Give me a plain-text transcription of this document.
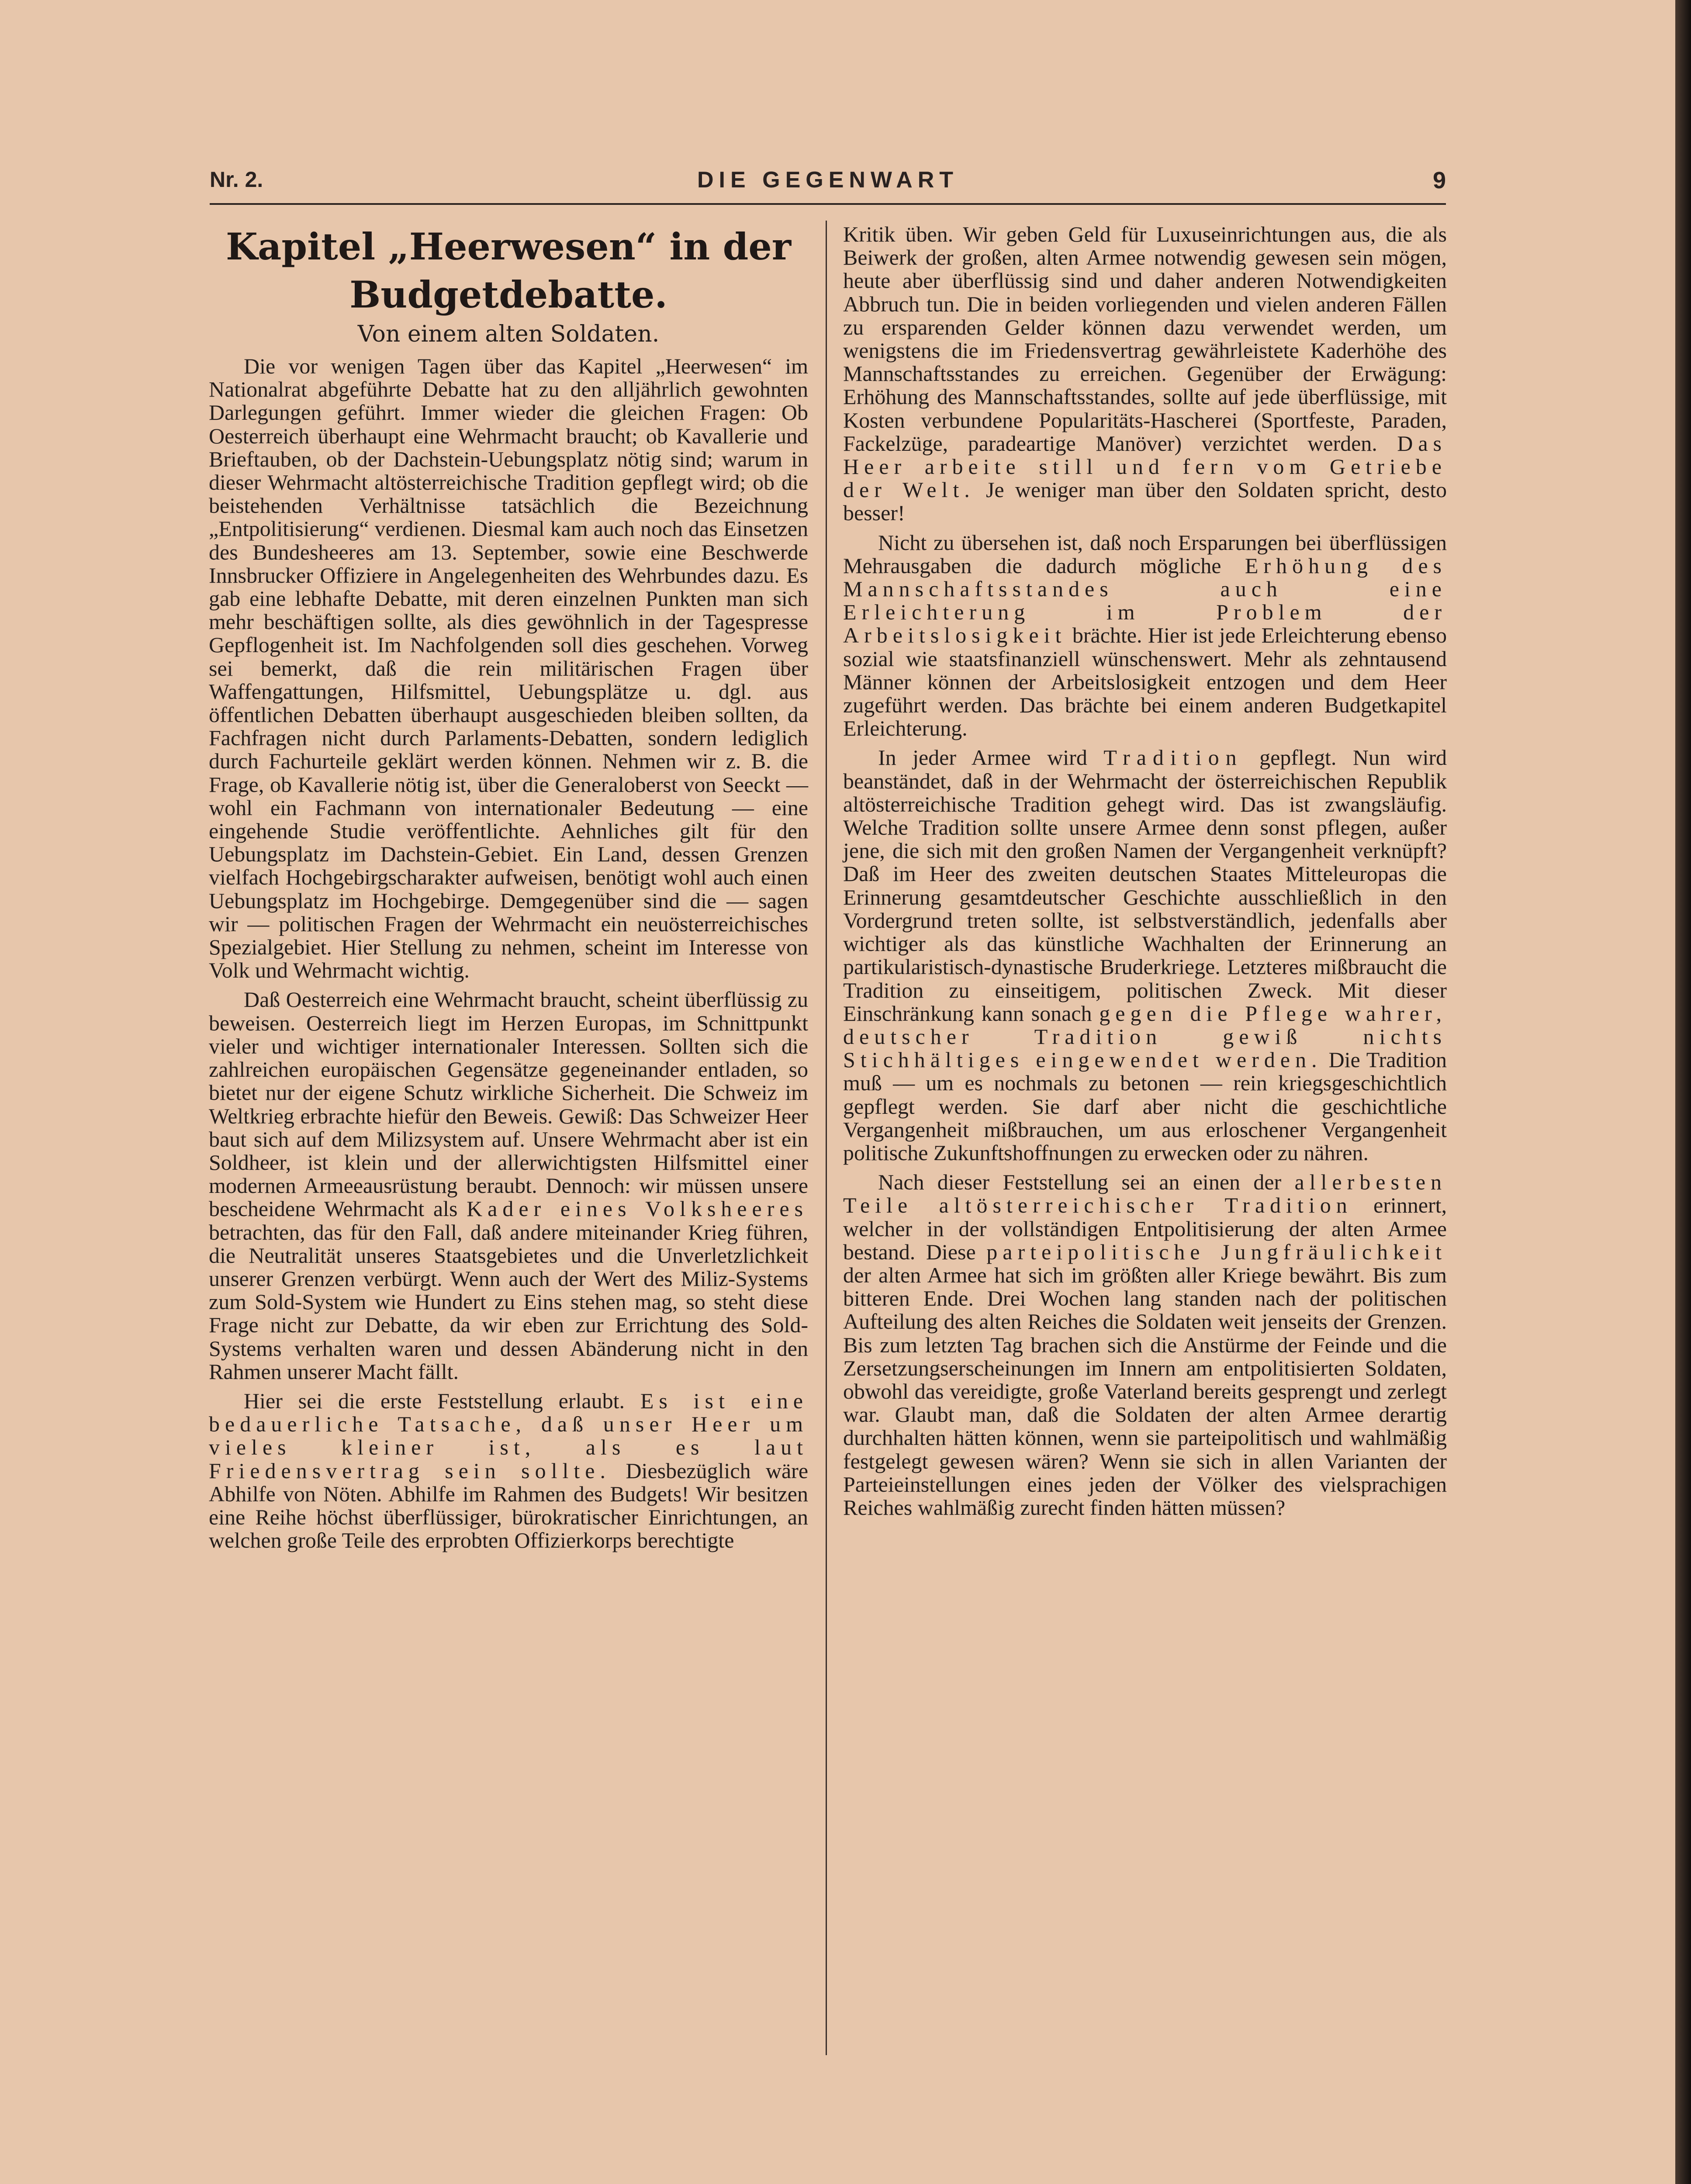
Nr. 2.	DIE GEGENWART	9
Kapitel „Heerwesen“ in der
Budgetdebatte.

Von einem alten Soldaten.

Die vor wenigen Tagen über das Kapitel „Heerwesen“ im Nationalrat abgeführte Debatte hat zu den alljährlich gewohnten Darlegungen geführt. Immer wieder die gleichen Fragen: Ob Oesterreich überhaupt eine Wehrmacht braucht; ob Kavallerie und Brieftauben, ob der Dachstein-Uebungsplatz nötig sind; warum in dieser Wehrmacht altösterreichische Tradition gepflegt wird; ob die beistehenden Verhältnisse tatsächlich die Bezeichnung „Entpolitisierung“ verdienen. Diesmal kam auch noch das Einsetzen des Bundesheeres am 13. September, sowie eine Beschwerde Innsbrucker Offiziere in Angelegenheiten des Wehrbundes dazu. Es gab eine lebhafte Debatte, mit deren einzelnen Punkten man sich mehr beschäftigen sollte, als dies gewöhnlich in der Tagespresse Gepflogenheit ist. Im Nachfolgenden soll dies geschehen. Vorweg sei bemerkt, daß die rein militärischen Fragen über Waffengattungen, Hilfsmittel, Uebungsplätze u. dgl. aus öffentlichen Debatten überhaupt ausgeschieden bleiben sollten, da Fachfragen nicht durch Parlaments-Debatten, sondern lediglich durch Fachurteile geklärt werden können. Nehmen wir z. B. die Frage, ob Kavallerie nötig ist, über die Generaloberst von Seeckt — wohl ein Fachmann von internationaler Bedeutung — eine eingehende Studie veröffentlichte. Aehnliches gilt für den Uebungsplatz im Dachstein-Gebiet. Ein Land, dessen Grenzen vielfach Hochgebirgscharakter aufweisen, benötigt wohl auch einen Uebungsplatz im Hochgebirge. Demgegenüber sind die — sagen wir — politischen Fragen der Wehrmacht ein neuösterreichisches Spezialgebiet. Hier Stellung zu nehmen, scheint im Interesse von Volk und Wehrmacht wichtig.

Daß Oesterreich eine Wehrmacht braucht, scheint überflüssig zu beweisen. Oesterreich liegt im Herzen Europas, im Schnittpunkt vieler und wichtiger internationaler Interessen. Sollten sich die zahlreichen europäischen Gegensätze gegeneinander entladen, so bietet nur der eigene Schutz wirkliche Sicherheit. Die Schweiz im Weltkrieg erbrachte hiefür den Beweis. Gewiß: Das Schweizer Heer baut sich auf dem Milizsystem auf. Unsere Wehrmacht aber ist ein Soldheer, ist klein und der allerwichtigsten Hilfsmittel einer modernen Armeeausrüstung beraubt. Dennoch: wir müssen unsere bescheidene Wehrmacht als Kader eines Volksheeres betrachten, das für den Fall, daß andere miteinander Krieg führen, die Neutralität unseres Staatsgebietes und die Unverletzlichkeit unserer Grenzen verbürgt. Wenn auch der Wert des Miliz-Systems zum Sold-System wie Hundert zu Eins stehen mag, so steht diese Frage nicht zur Debatte, da wir eben zur Errichtung des Sold-Systems verhalten waren und dessen Abänderung nicht in den Rahmen unserer Macht fällt.

Hier sei die erste Feststellung erlaubt. Es ist eine bedauerliche Tatsache, daß unser Heer um vieles kleiner ist, als es laut Friedensvertrag sein sollte. Diesbezüglich wäre Abhilfe von Nöten. Abhilfe im Rahmen des Budgets! Wir besitzen eine Reihe höchst überflüssiger, bürokratischer Einrichtungen, an welchen große Teile des erprobten Offizierkorps berechtigte

Kritik üben. Wir geben Geld für Luxuseinrichtungen aus, die als Beiwerk der großen, alten Armee notwendig gewesen sein mögen, heute aber überflüssig sind und daher anderen Notwendigkeiten Abbruch tun. Die in beiden vorliegenden und vielen anderen Fällen zu ersparenden Gelder können dazu verwendet werden, um wenigstens die im Friedensvertrag gewährleistete Kaderhöhe des Mannschaftsstandes zu erreichen. Gegenüber der Erwägung: Erhöhung des Mannschaftsstandes, sollte auf jede überflüssige, mit Kosten verbundene Popularitäts-Hascherei (Sportfeste, Paraden, Fackelzüge, paradeartige Manöver) verzichtet werden. Das Heer arbeite still und fern vom Getriebe der Welt. Je weniger man über den Soldaten spricht, desto besser!

Nicht zu übersehen ist, daß noch Ersparungen bei überflüssigen Mehrausgaben die dadurch mögliche Erhöhung des Mannschaftsstandes auch eine Erleichterung im Problem der Arbeitslosigkeit brächte. Hier ist jede Erleichterung ebenso sozial wie staatsfinanziell wünschenswert. Mehr als zehntausend Männer können der Arbeitslosigkeit entzogen und dem Heer zugeführt werden. Das brächte bei einem anderen Budgetkapitel Erleichterung.

In jeder Armee wird Tradition gepflegt. Nun wird beanständet, daß in der Wehrmacht der österreichischen Republik altösterreichische Tradition gehegt wird. Das ist zwangsläufig. Welche Tradition sollte unsere Armee denn sonst pflegen, außer jene, die sich mit den großen Namen der Vergangenheit verknüpft? Daß im Heer des zweiten deutschen Staates Mitteleuropas die Erinnerung gesamtdeutscher Geschichte ausschließlich in den Vordergrund treten sollte, ist selbstverständlich, jedenfalls aber wichtiger als das künstliche Wachhalten der Erinnerung an partikularistisch-dynastische Bruderkriege. Letzteres mißbraucht die Tradition zu einseitigem, politischen Zweck. Mit dieser Einschränkung kann sonach gegen die Pflege wahrer, deutscher Tradition gewiß nichts Stichhältiges eingewendet werden. Die Tradition muß — um es nochmals zu betonen — rein kriegsgeschichtlich gepflegt werden. Sie darf aber nicht die geschichtliche Vergangenheit mißbrauchen, um aus erloschener Vergangenheit politische Zukunftshoffnungen zu erwecken oder zu nähren.

Nach dieser Feststellung sei an einen der allerbesten Teile altösterreichischer Tradition erinnert, welcher in der vollständigen Entpolitisierung der alten Armee bestand. Diese parteipolitische Jungfräulichkeit der alten Armee hat sich im größten aller Kriege bewährt. Bis zum bitteren Ende. Drei Wochen lang standen nach der politischen Aufteilung des alten Reiches die Soldaten weit jenseits der Grenzen. Bis zum letzten Tag brachen sich die Anstürme der Feinde und die Zersetzungserscheinungen im Innern am entpolitisierten Soldaten, obwohl das vereidigte, große Vaterland bereits gesprengt und zerlegt war. Glaubt man, daß die Soldaten der alten Armee derartig durchhalten hätten können, wenn sie parteipolitisch und wahlmäßig festgelegt gewesen wären? Wenn sie sich in allen Varianten der Parteieinstellungen eines jeden der Völker des vielsprachigen Reiches wahlmäßig zurecht finden hätten müssen?
